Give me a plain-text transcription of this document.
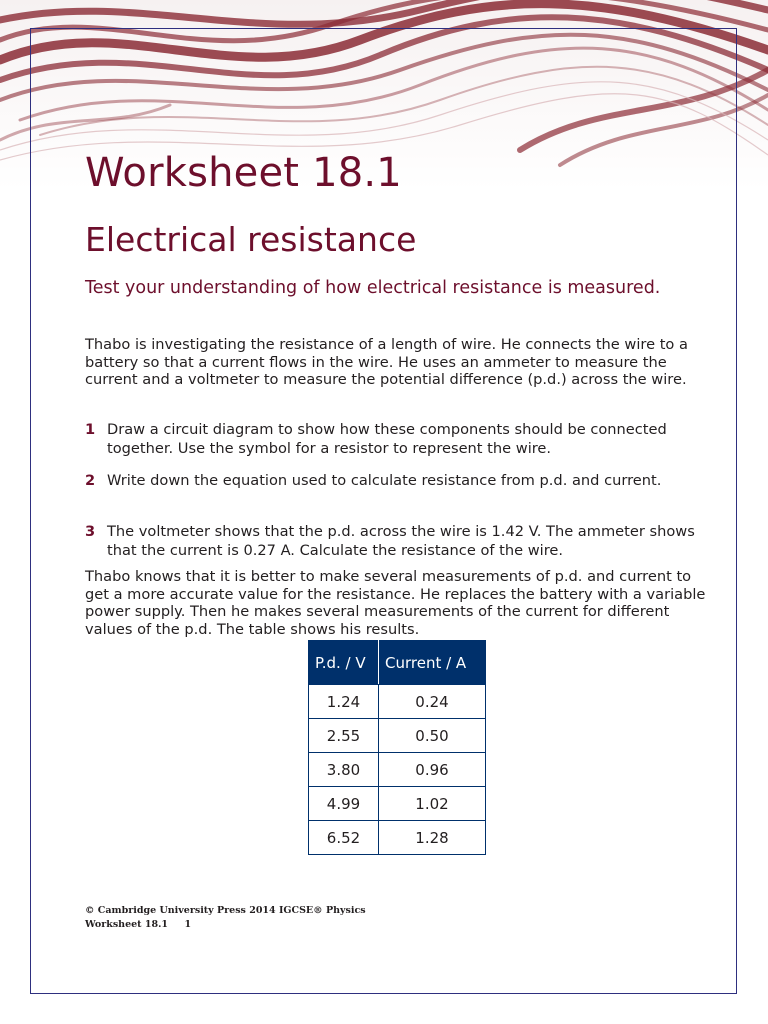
Worksheet 18.1
Electrical resistance

Test your understanding of how electrical resistance is measured.

Thabo is investigating the resistance of a length of wire. He connects the wire to a battery so that a current flows in the wire. He uses an ammeter to measure the current and a voltmeter to measure the potential difference (p.d.) across the wire.

1 Draw a circuit diagram to show how these components should be connected together. Use the symbol for a resistor to represent the wire.
2 Write down the equation used to calculate resistance from p.d. and current.
3 The voltmeter shows that the p.d. across the wire is 1.42 V. The ammeter shows that the current is 0.27 A. Calculate the resistance of the wire.

Thabo knows that it is better to make several measurements of p.d. and current to get a more accurate value for the resistance. He replaces the battery with a variable power supply. Then he makes several measurements of the current for different values of the p.d. The table shows his results.

P.d. / V	Current / A
1.24	0.24
2.55	0.50
3.80	0.96
4.99	1.02
6.52	1.28
© Cambridge University Press 2014 IGCSE® Physics
Worksheet 18.1 1
